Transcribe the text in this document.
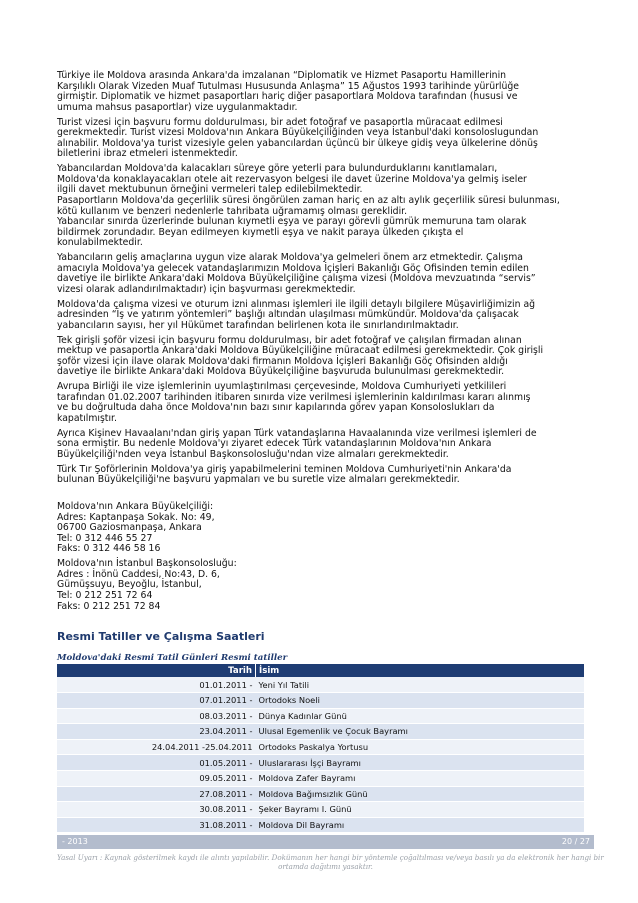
Türkiye ile Moldova arasında Ankara'da imzalanan “Diplomatik ve Hizmet Pasaportu Hamillerinin
Karşılıklı Olarak Vizeden Muaf Tutulması Hususunda Anlaşma” 15 Ağustos 1993 tarihinde yürürlüğe
girmiştir. Diplomatik ve hizmet pasaportları hariç diğer pasaportlara Moldova tarafından (hususi ve
umuma mahsus pasaportlar) vize uygulanmaktadır.
Turist vizesi için başvuru formu doldurulması, bir adet fotoğraf ve pasaportla müracaat edilmesi
gerekmektedir. Turist vizesi Moldova'nın Ankara Büyükelçiliğinden veya İstanbul'daki konsoloslugundan
alınabilir. Moldova'ya turist vizesiyle gelen yabancılardan üçüncü bir ülkeye gidiş veya ülkelerine dönüş
biletlerini ibraz etmeleri istenmektedir.
Yabancılardan Moldova'da kalacakları süreye göre yeterli para bulundurduklarını kanıtlamaları,
Moldova'da konaklayacakları otele ait rezervasyon belgesi ile davet üzerine Moldova'ya gelmiş iseler
ilgili davet mektubunun örneğini vermeleri talep edilebilmektedir.
Pasaportların Moldova'da geçerlilik süresi öngörülen zaman hariç en az altı aylık geçerlilik süresi bulunması,
kötü kullanım ve benzeri nedenlerle tahribata uğramamış olması gereklidir.
Yabancılar sınırda üzerlerinde bulunan kıymetli eşya ve parayı görevli gümrük memuruna tam olarak
bildirmek zorundadır. Beyan edilmeyen kıymetli eşya ve nakit paraya ülkeden çıkışta el
konulabilmektedir.
Yabancıların geliş amaçlarına uygun vize alarak Moldova'ya gelmeleri önem arz etmektedir. Çalışma
amacıyla Moldova'ya gelecek vatandaşlarımızın Moldova İçişleri Bakanlığı Göç Ofisinden temin edilen
davetiye ile birlikte Ankara'daki Moldova Büyükelçiliğine çalışma vizesi (Moldova mevzuatında “servis”
vizesi olarak adlandırılmaktadır) için başvurması gerekmektedir.
Moldova'da çalışma vizesi ve oturum izni alınması işlemleri ile ilgili detaylı bilgilere Müşavirliğimizin ağ
adresinden “İş ve yatırım yöntemleri” başlığı altından ulaşılması mümkündür. Moldova'da çalışacak
yabancıların sayısı, her yıl Hükümet tarafından belirlenen kota ile sınırlandırılmaktadır.
Tek girişli şoför vizesi için başvuru formu doldurulması, bir adet fotoğraf ve çalışılan firmadan alınan
mektup ve pasaportla Ankara'daki Moldova Büyükelçiliğine müracaat edilmesi gerekmektedir. Çok girişli
şoför vizesi için ilave olarak Moldova'daki firmanın Moldova İçişleri Bakanlığı Göç Ofisinden aldığı
davetiye ile birlikte Ankara'daki Moldova Büyükelçiliğine başvuruda bulunulması gerekmektedir.
Avrupa Birliği ile vize işlemlerinin uyumlaştırılması çerçevesinde, Moldova Cumhuriyeti yetkilileri
tarafından 01.02.2007 tarihinden itibaren sınırda vize verilmesi işlemlerinin kaldırılması kararı alınmış
ve bu doğrultuda daha önce Moldova'nın bazı sınır kapılarında görev yapan Konsoloslukları da
kapatılmıştır.
Ayrıca Kişinev Havaalanı'ndan giriş yapan Türk vatandaşlarına Havaalanında vize verilmesi işlemleri de
sona ermiştir. Bu nedenle Moldova'yı ziyaret edecek Türk vatandaşlarının Moldova'nın Ankara
Büyükelçiliği'nden veya İstanbul Başkonsolosluğu'ndan vize almaları gerekmektedir.
Türk Tır Şoförlerinin Moldova'ya giriş yapabilmelerini teminen Moldova Cumhuriyeti'nin Ankara'da
bulunan Büyükelçiliği'ne başvuru yapmaları ve bu suretle vize almaları gerekmektedir.
Moldova'nın Ankara Büyükelçiliği:
Adres: Kaptanpaşa Sokak. No: 49,
06700 Gaziosmanpaşa, Ankara
Tel: 0 312 446 55 27
Faks: 0 312 446 58 16
Moldova'nın İstanbul Başkonsolosluğu:
Adres : İnönü Caddesi, No:43, D. 6,
Gümüşsuyu, Beyoğlu, İstanbul,
Tel: 0 212 251 72 64
Faks: 0 212 251 72 84
Resmi Tatiller ve Çalışma Saatleri
Moldova'daki Resmi Tatil Günleri Resmi tatiller
Tarih	İsim
01.01.2011 -	Yeni Yıl Tatili
07.01.2011 -	Ortodoks Noeli
08.03.2011 -	Dünya Kadınlar Günü
23.04.2011 -	Ulusal Egemenlik ve Çocuk Bayramı
24.04.2011 -25.04.2011	Ortodoks Paskalya Yortusu
01.05.2011 -	Uluslararası İşçi Bayramı
09.05.2011 -	Moldova Zafer Bayramı
27.08.2011 -	Moldova Bağımsızlık Günü
30.08.2011 -	Şeker Bayramı I. Günü
31.08.2011 -	Moldova Dil Bayramı
- 2013	20 / 27
Yasal Uyarı : Kaynak gösterilmek kaydı ile alıntı yapılabilir. Dokümanın her hangi bir yöntemle çoğaltılması ve/veya basılı ya da elektronik her hangi bir
ortamda dağıtımı yasaktır.
